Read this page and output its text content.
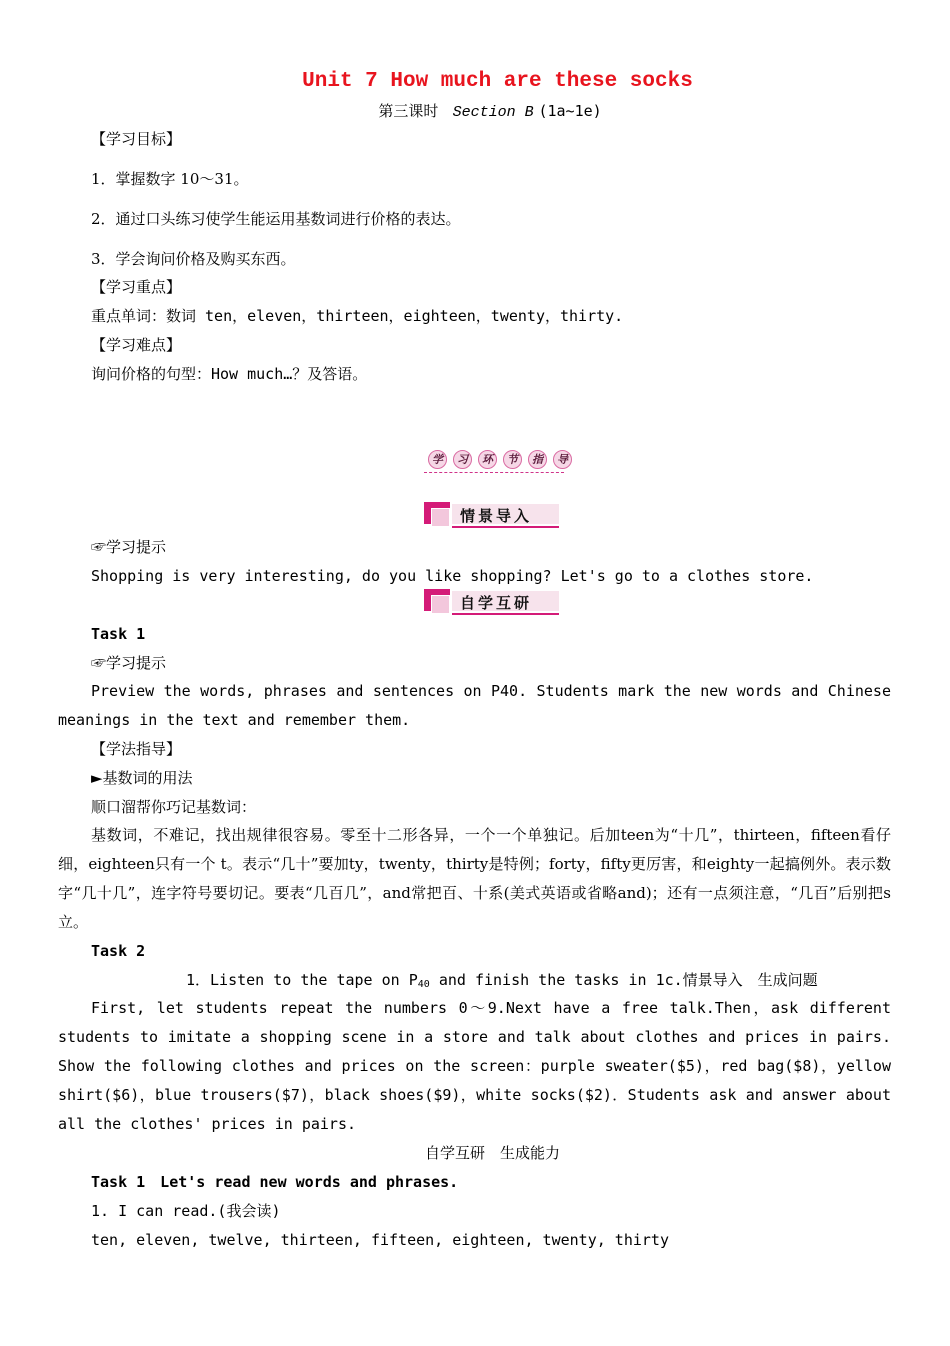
Unit 7 How much are these socks
第三课时 Section B (1a~1e)
【学习目标】
1．掌握数字 10～31。
2．通过口头练习使学生能运用基数词进行价格的表达。
3．学会询问价格及购买东西。
【学习重点】
重点单词：数词 ten，eleven，thirteen，eighteen，twenty，thirty.
【学习难点】
询问价格的句型：How much…？及答语。
学	习	环	节	指	导
情景导入
☞学习提示
Shopping is very interesting, do you like shopping? Let's go to a clothes store.
自学互研
Task 1
☞学习提示
Preview the words, phrases and sentences on P40. Students mark the new words and Chinese meanings in the text and remember them.
【学法指导】
►基数词的用法
顺口溜帮你巧记基数词：
基数词，不难记，找出规律很容易。零至十二形各异，一个一个单独记。后加teen为“十几”，thirteen，fifteen看仔细，eighteen只有一个 t。表示“几十”要加ty，twenty，thirty是特例；forty，fifty更厉害，和eighty一起搞例外。表示数字“几十几”，连字符号要切记。要表“几百几”，and常把百、十系(美式英语或省略and)；还有一点须注意，“几百”后别把s立。
Task 2
1．Listen to the tape on $P_{40}$ and finish the tasks in 1c.情景导入　生成问题
First, let students repeat the numbers 0～9.Next have a free talk.Then，ask different students to imitate a shopping scene in a store and talk about clothes and prices in pairs. Show the following clothes and prices on the screen：purple sweater($5)，red bag($8)，yellow shirt($6)，blue trousers($7)，black shoes($9)，white socks($2)．Students ask and answer about all the clothes' prices in pairs.
自学互研　生成能力
Task 1　Let's read new words and phrases.
1. I can read.(我会读)
ten, eleven, twelve, thirteen, fifteen, eighteen, twenty, thirty
